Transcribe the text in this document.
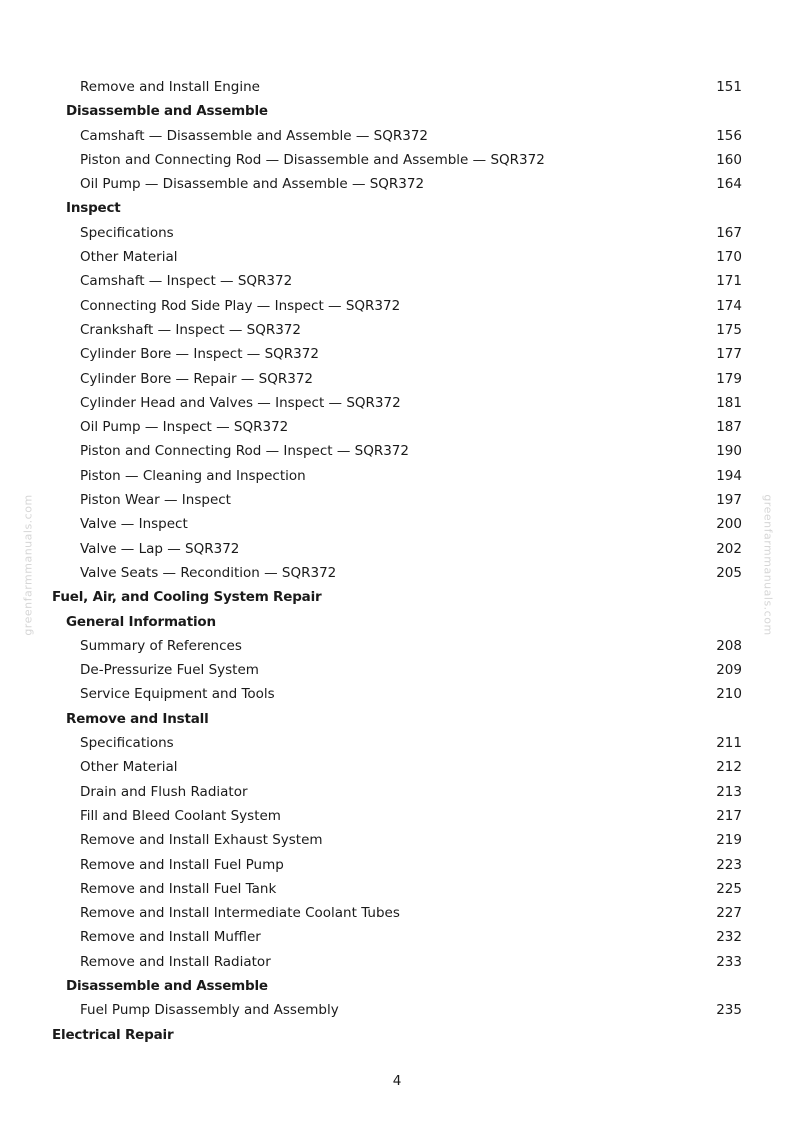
Remove and Install Engine	151
Disassemble and Assemble
Camshaft — Disassemble and Assemble — SQR372	156
Piston and Connecting Rod — Disassemble and Assemble — SQR372	160
Oil Pump — Disassemble and Assemble — SQR372	164
Inspect
Specifications	167
Other Material	170
Camshaft — Inspect — SQR372	171
Connecting Rod Side Play — Inspect — SQR372	174
Crankshaft — Inspect — SQR372	175
Cylinder Bore — Inspect — SQR372	177
Cylinder Bore — Repair — SQR372	179
Cylinder Head and Valves — Inspect — SQR372	181
Oil Pump — Inspect — SQR372	187
Piston and Connecting Rod — Inspect — SQR372	190
Piston — Cleaning and Inspection	194
Piston Wear — Inspect	197
Valve — Inspect	200
Valve — Lap — SQR372	202
Valve Seats — Recondition — SQR372	205
Fuel, Air, and Cooling System Repair
General Information
Summary of References	208
De-Pressurize Fuel System	209
Service Equipment and Tools	210
Remove and Install
Specifications	211
Other Material	212
Drain and Flush Radiator	213
Fill and Bleed Coolant System	217
Remove and Install Exhaust System	219
Remove and Install Fuel Pump	223
Remove and Install Fuel Tank	225
Remove and Install Intermediate Coolant Tubes	227
Remove and Install Muffler	232
Remove and Install Radiator	233
Disassemble and Assemble
Fuel Pump Disassembly and Assembly	235
Electrical Repair
greenfarmmanuals.com	greenfarmmanuals.com
4
